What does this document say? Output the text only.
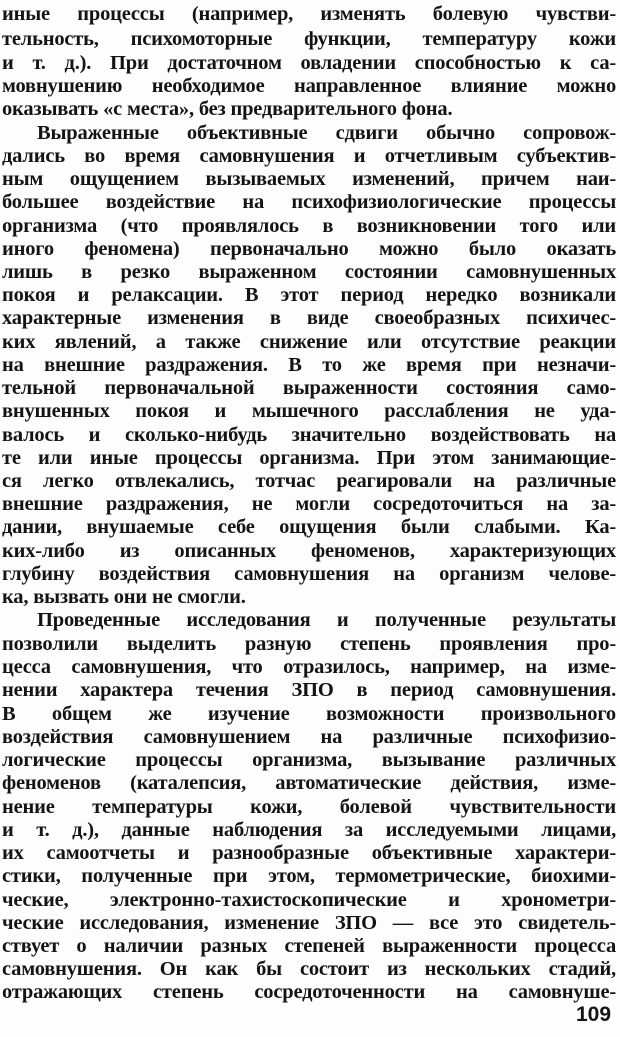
иные процессы (например, изменять болевую чувстви-
тельность, психомоторные функции, температуру кожи
и т. д.). При достаточном овладении способностью к са-
мовнушению необходимое направленное влияние можно
оказывать «с места», без предварительного фона.
Выраженные объективные сдвиги обычно сопровож-
дались во время самовнушения и отчетливым субъектив-
ным ощущением вызываемых изменений, причем наи-
большее воздействие на психофизиологические процессы
организма (что проявлялось в возникновении того или
иного феномена) первоначально можно было оказать
лишь в резко выраженном состоянии самовнушенных
покоя и релаксации. В этот период нередко возникали
характерные изменения в виде своеобразных психичес-
ких явлений, а также снижение или отсутствие реакции
на внешние раздражения. В то же время при незначи-
тельной первоначальной выраженности состояния само-
внушенных покоя и мышечного расслабления не уда-
валось и сколько-нибудь значительно воздействовать на
те или иные процессы организма. При этом занимающие-
ся легко отвлекались, тотчас реагировали на различные
внешние раздражения, не могли сосредоточиться на за-
дании, внушаемые себе ощущения были слабыми. Ка-
ких-либо из описанных феноменов, характеризующих
глубину воздействия самовнушения на организм челове-
ка, вызвать они не смогли.
Проведенные исследования и полученные результаты
позволили выделить разную степень проявления про-
цесса самовнушения, что отразилось, например, на изме-
нении характера течения ЗПО в период самовнушения.
В общем же изучение возможности произвольного
воздействия самовнушением на различные психофизио-
логические процессы организма, вызывание различных
феноменов (каталепсия, автоматические действия, изме-
нение температуры кожи, болевой чувствительности
и т. д.), данные наблюдения за исследуемыми лицами,
их самоотчеты и разнообразные объективные характери-
стики, полученные при этом, термометрические, биохими-
ческие, электронно-тахистоскопические и хронометри-
ческие исследования, изменение ЗПО — все это свидетель-
ствует о наличии разных степеней выраженности процесса
самовнушения. Он как бы состоит из нескольких стадий,
отражающих степень сосредоточенности на самовнуше-
109
